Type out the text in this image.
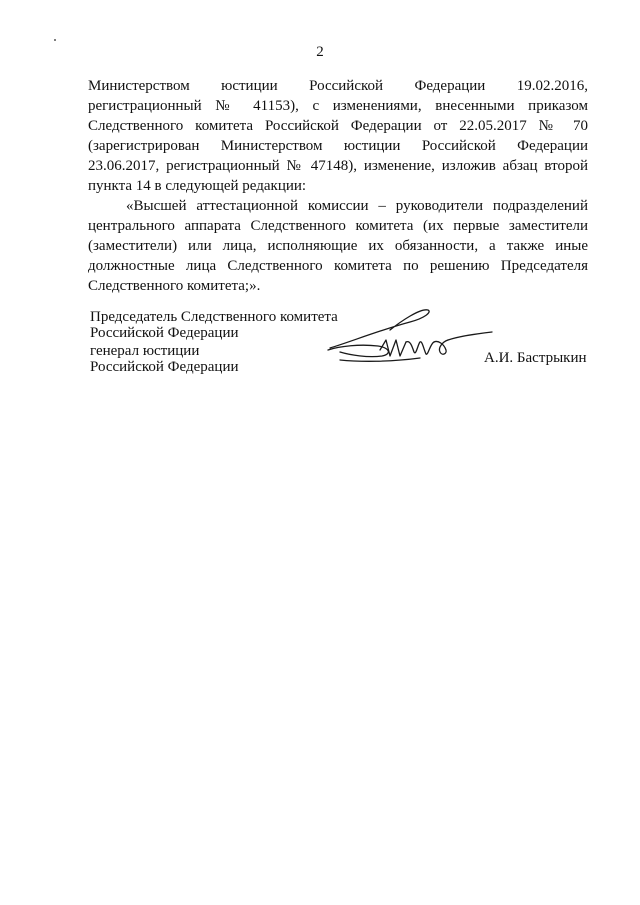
2

Министерством юстиции Российской Федерации 19.02.2016, регистрационный № 41153), с изменениями, внесенными приказом Следственного комитета Российской Федерации от 22.05.2017 № 70 (зарегистрирован Министерством юстиции Российской Федерации 23.06.2017, регистрационный № 47148), изменение, изложив абзац второй пункта 14 в следующей редакции:

«Высшей аттестационной комиссии – руководители подразделений центрального аппарата Следственного комитета (их первые заместители (заместители) или лица, исполняющие их обязанности, а также иные должностные лица Следственного комитета по решению Председателя Следственного комитета;».

Председатель Следственного комитета
Российской Федерации
генерал юстиции
Российской Федерации
А.И. Бастрыкин
